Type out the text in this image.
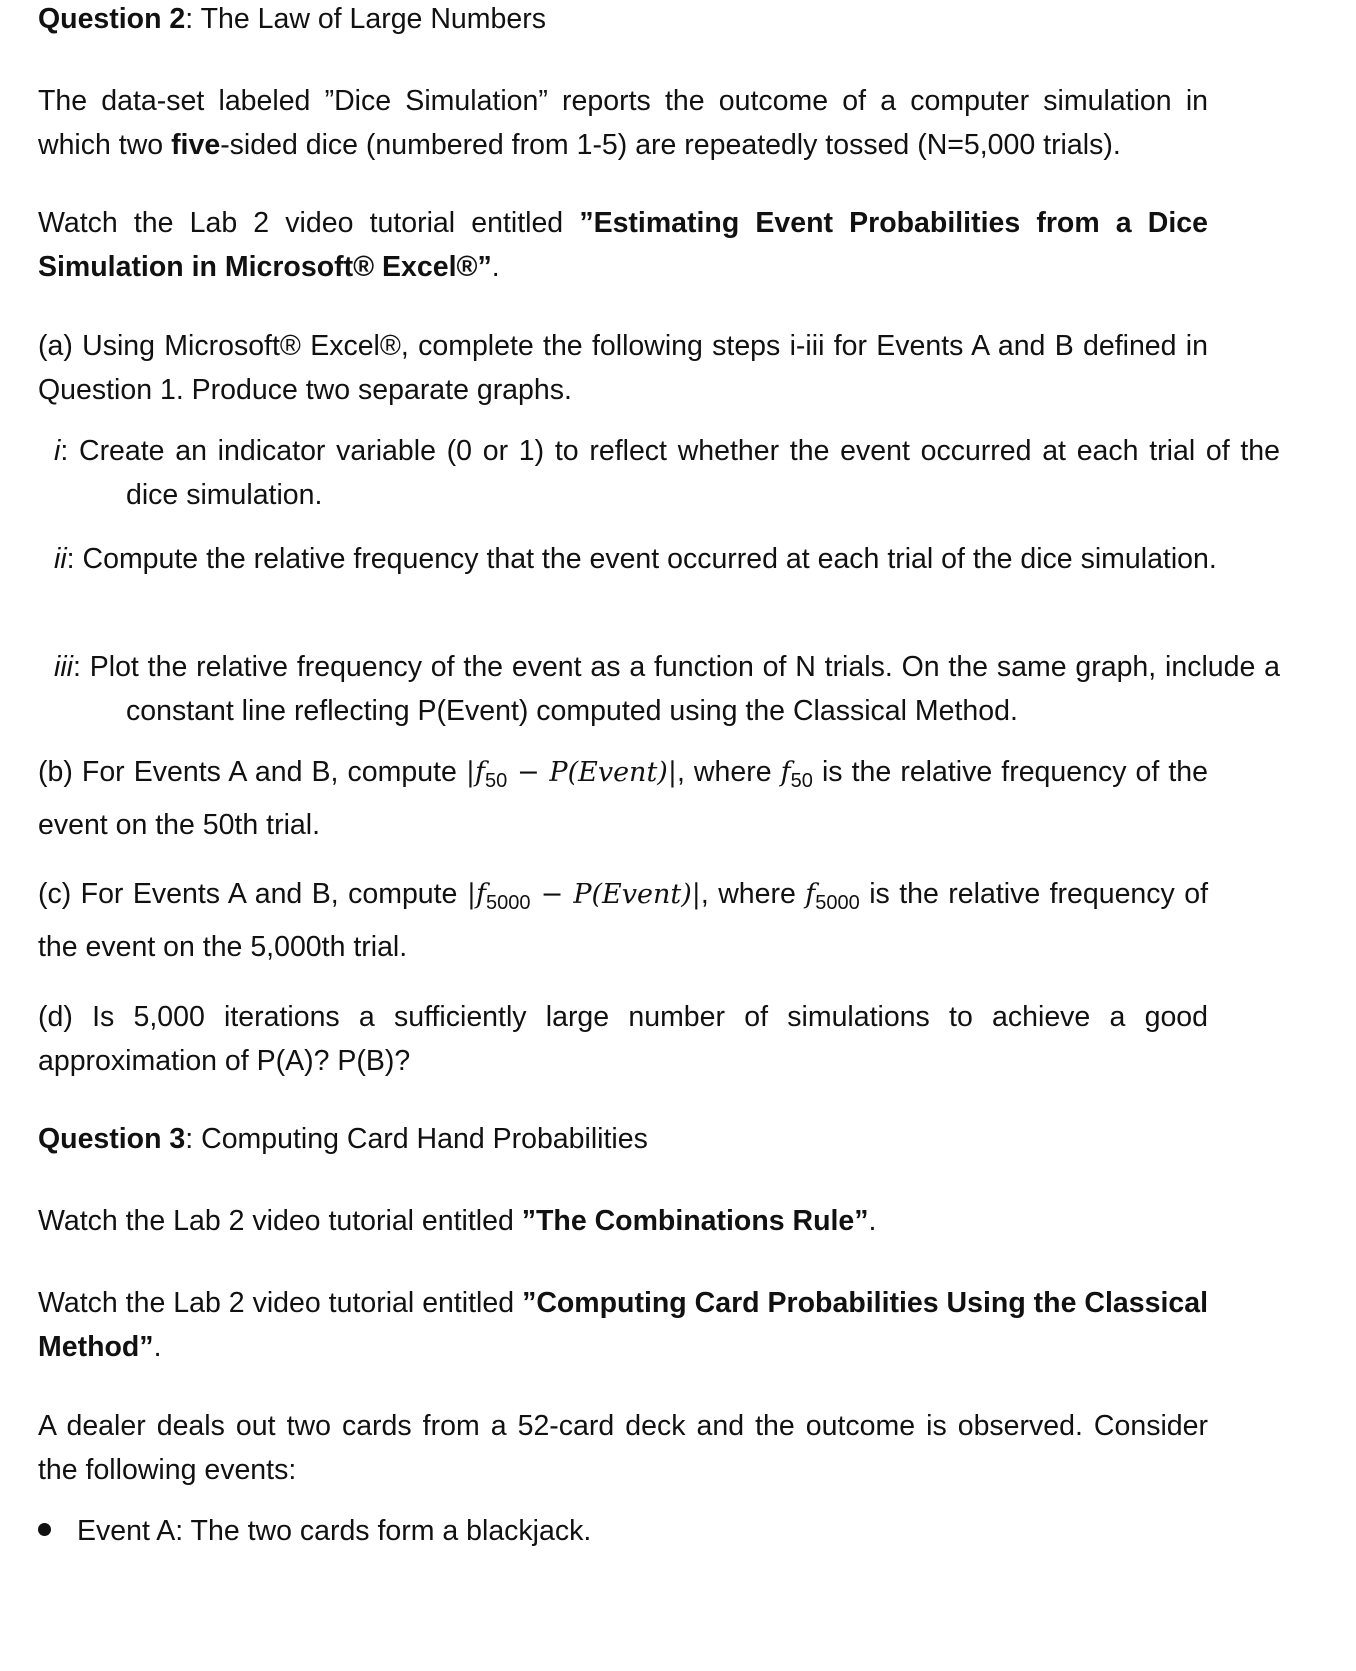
Question 2: The Law of Large Numbers
The data-set labeled ”Dice Simulation” reports the outcome of a computer simulation in which two five-sided dice (numbered from 1-5) are repeatedly tossed (N=5,000 trials).
Watch the Lab 2 video tutorial entitled ”Estimating Event Probabilities from a Dice Simulation in Microsoft® Excel®”.
(a) Using Microsoft® Excel®, complete the following steps i-iii for Events A and B defined in Question 1. Produce two separate graphs.
i: Create an indicator variable (0 or 1) to reflect whether the event occurred at each trial of the dice simulation.
ii: Compute the relative frequency that the event occurred at each trial of the dice simulation.
iii: Plot the relative frequency of the event as a function of N trials. On the same graph, include a constant line reflecting P(Event) computed using the Classical Method.
(b) For Events A and B, compute $|f_{50}$ − P(Event)|, where $f_{50}$ is the relative frequency of the event on the 50th trial.
(c) For Events A and B, compute $|f_{5000}$ − P(Event)|, where $f_{5000}$ is the relative frequency of the event on the 5,000th trial.
(d) Is 5,000 iterations a sufficiently large number of simulations to achieve a good approximation of P(A)? P(B)?
Question 3: Computing Card Hand Probabilities
Watch the Lab 2 video tutorial entitled ”The Combinations Rule”.
Watch the Lab 2 video tutorial entitled ”Computing Card Probabilities Using the Classical Method”.
A dealer deals out two cards from a 52-card deck and the outcome is observed. Consider the following events:
Event A: The two cards form a blackjack.
